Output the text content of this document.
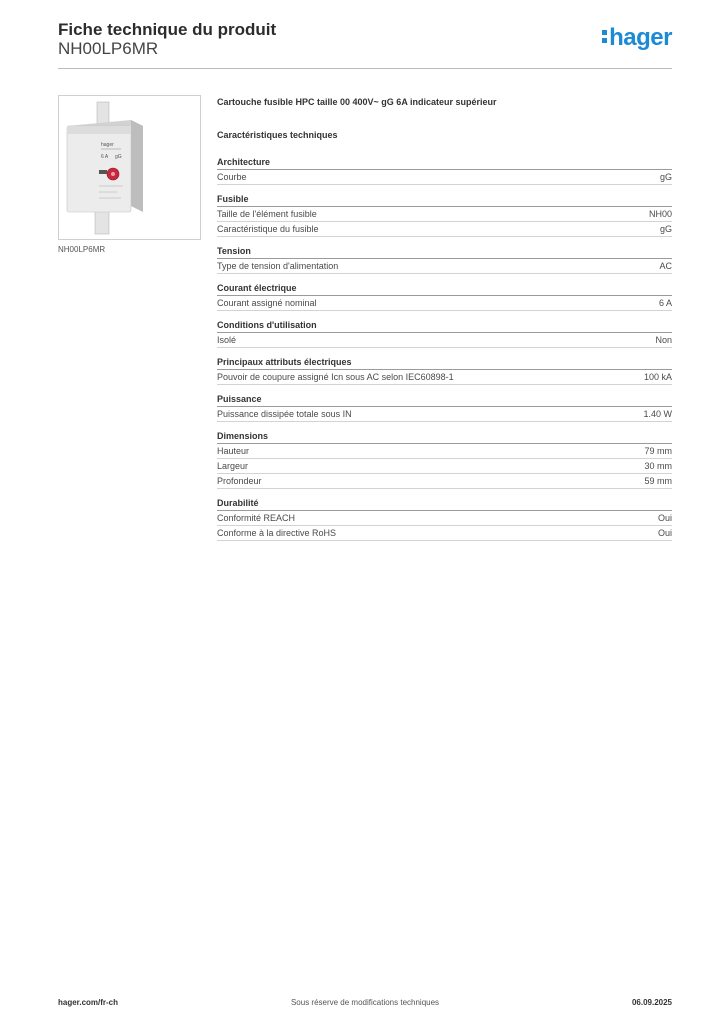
Fiche technique du produit
NH00LP6MR	hager
hager
6 A gG
NH00LP6MR
Cartouche fusible HPC taille 00 400V~ gG 6A indicateur supérieur
Caractéristiques techniques
Architecture
Courbe	gG
Fusible
Taille de l'élément fusible	NH00
Caractéristique du fusible	gG
Tension
Type de tension d'alimentation	AC
Courant électrique
Courant assigné nominal	6 A
Conditions d'utilisation
Isolé	Non
Principaux attributs électriques
Pouvoir de coupure assigné Icn sous AC selon IEC60898-1	100 kA
Puissance
Puissance dissipée totale sous IN	1.40 W
Dimensions
Hauteur	79 mm
Largeur	30 mm
Profondeur	59 mm
Durabilité
Conformité REACH	Oui
Conforme à la directive RoHS	Oui
hager.com/fr-ch	Sous réserve de modifications techniques	06.09.2025
